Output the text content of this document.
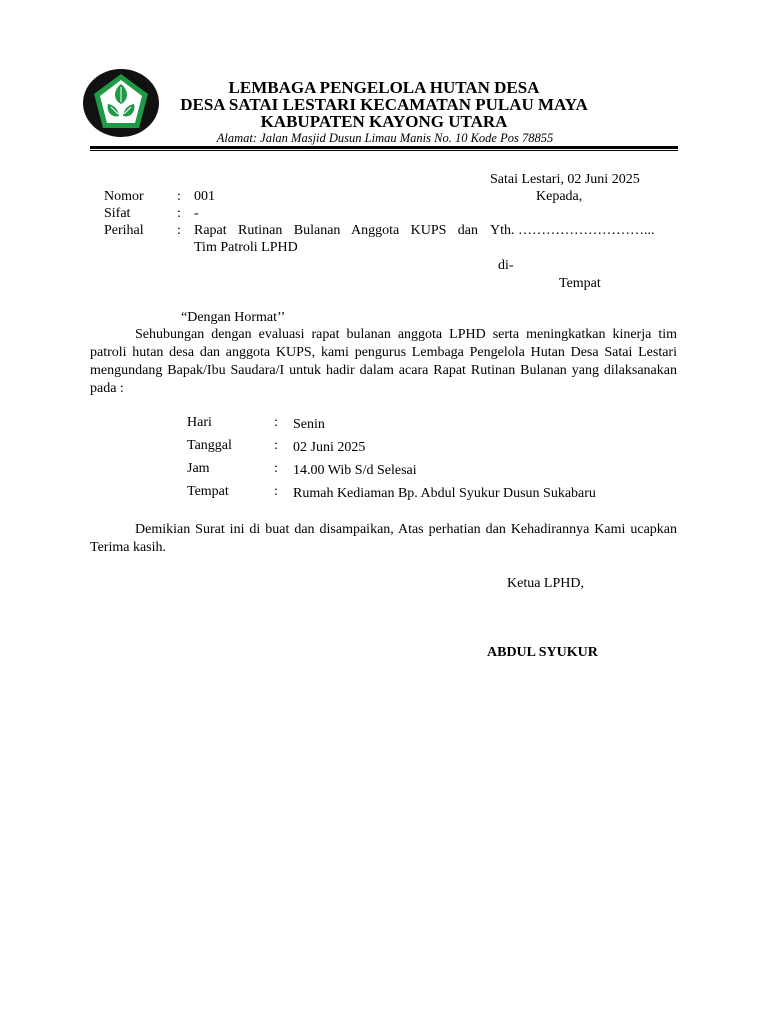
LEMBAGA PENGELOLA HUTAN DESA
DESA SATAI LESTARI KECAMATAN PULAU MAYA
KABUPATEN KAYONG UTARA
Alamat: Jalan Masjid Dusun Limau Manis No. 10 Kode Pos 78855
Satai Lestari, 02 Juni 2025
Nomor : 001
Sifat	: -
Perihal : Rapat Rutinan Bulanan Anggota KUPS dan
Tim Patroli LPHD
Kepada,
Yth. ………………………...
di-
Tempat
“Dengan Hormat’’
Sehubungan dengan evaluasi rapat bulanan anggota LPHD serta meningkatkan kinerja tim patroli hutan desa dan anggota KUPS, kami pengurus Lembaga Pengelola Hutan Desa Satai Lestari mengundang Bapak/Ibu Saudara/I untuk hadir dalam acara Rapat Rutinan Bulanan yang dilaksanakan pada :
Hari	: Senin
Tanggal	: 02 Juni 2025
Jam	: 14.00 Wib S/d Selesai
Tempat	: Rumah Kediaman Bp. Abdul Syukur Dusun Sukabaru
Demikian Surat ini di buat dan disampaikan, Atas perhatian dan Kehadirannya Kami ucapkan Terima kasih.
Ketua LPHD,
ABDUL SYUKUR
